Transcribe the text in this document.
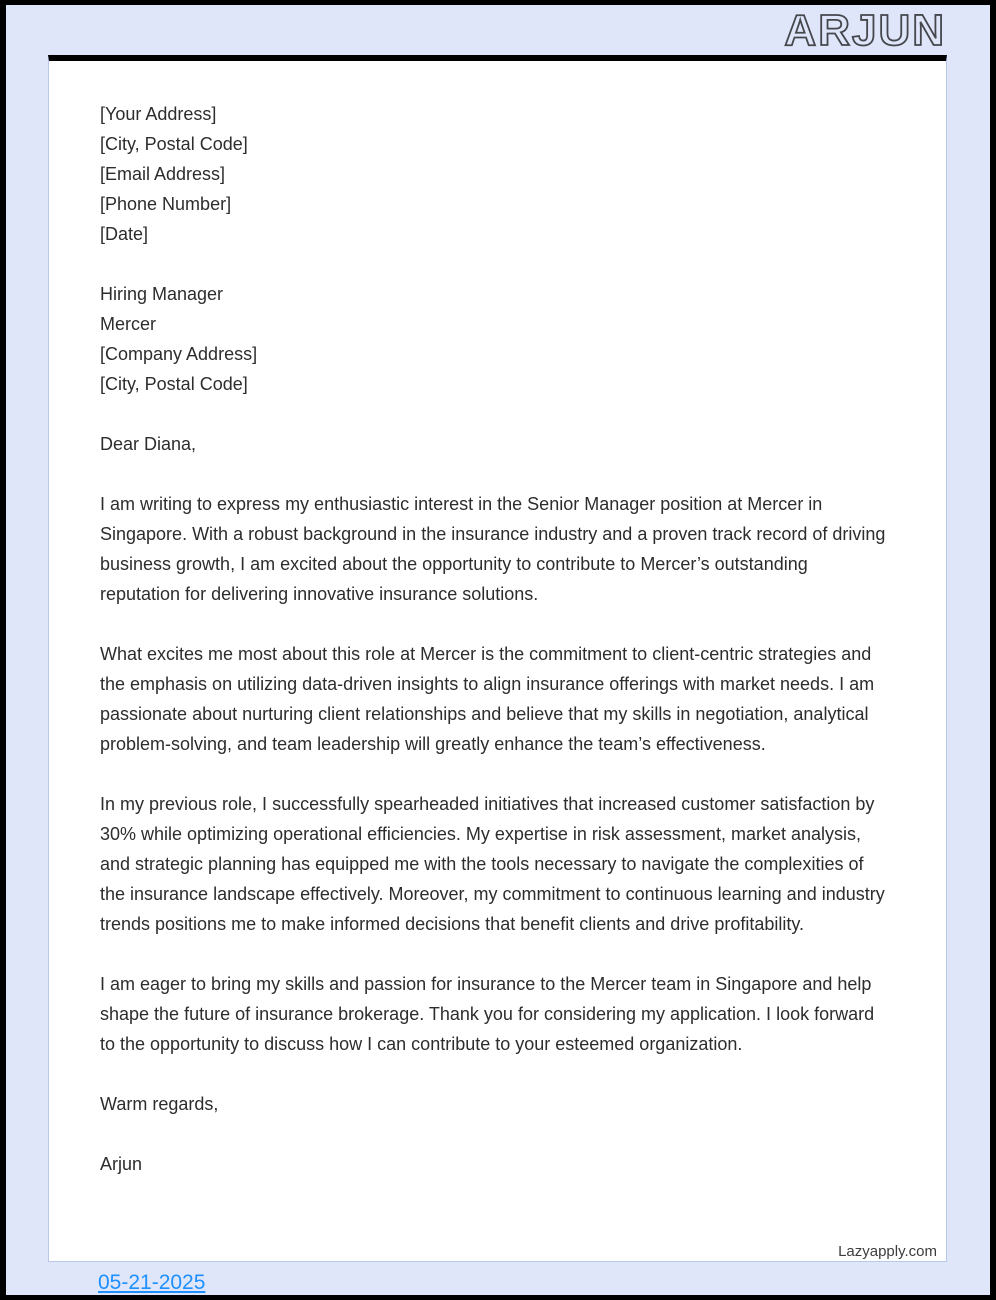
ARJUN
[Your Address]
[City, Postal Code]
[Email Address]
[Phone Number]
[Date]
Hiring Manager
Mercer
[Company Address]
[City, Postal Code]
Dear Diana,

I am writing to express my enthusiastic interest in the Senior Manager position at Mercer in Singapore. With a robust background in the insurance industry and a proven track record of driving business growth, I am excited about the opportunity to contribute to Mercer’s outstanding reputation for delivering innovative insurance solutions.

What excites me most about this role at Mercer is the commitment to client-centric strategies and the emphasis on utilizing data-driven insights to align insurance offerings with market needs. I am passionate about nurturing client relationships and believe that my skills in negotiation, analytical problem-solving, and team leadership will greatly enhance the team’s effectiveness.

In my previous role, I successfully spearheaded initiatives that increased customer satisfaction by 30% while optimizing operational efficiencies. My expertise in risk assessment, market analysis, and strategic planning has equipped me with the tools necessary to navigate the complexities of the insurance landscape effectively. Moreover, my commitment to continuous learning and industry trends positions me to make informed decisions that benefit clients and drive profitability.

I am eager to bring my skills and passion for insurance to the Mercer team in Singapore and help shape the future of insurance brokerage. Thank you for considering my application. I look forward to the opportunity to discuss how I can contribute to your esteemed organization.

Warm regards,
Arjun
Lazyapply.com
05-21-2025
